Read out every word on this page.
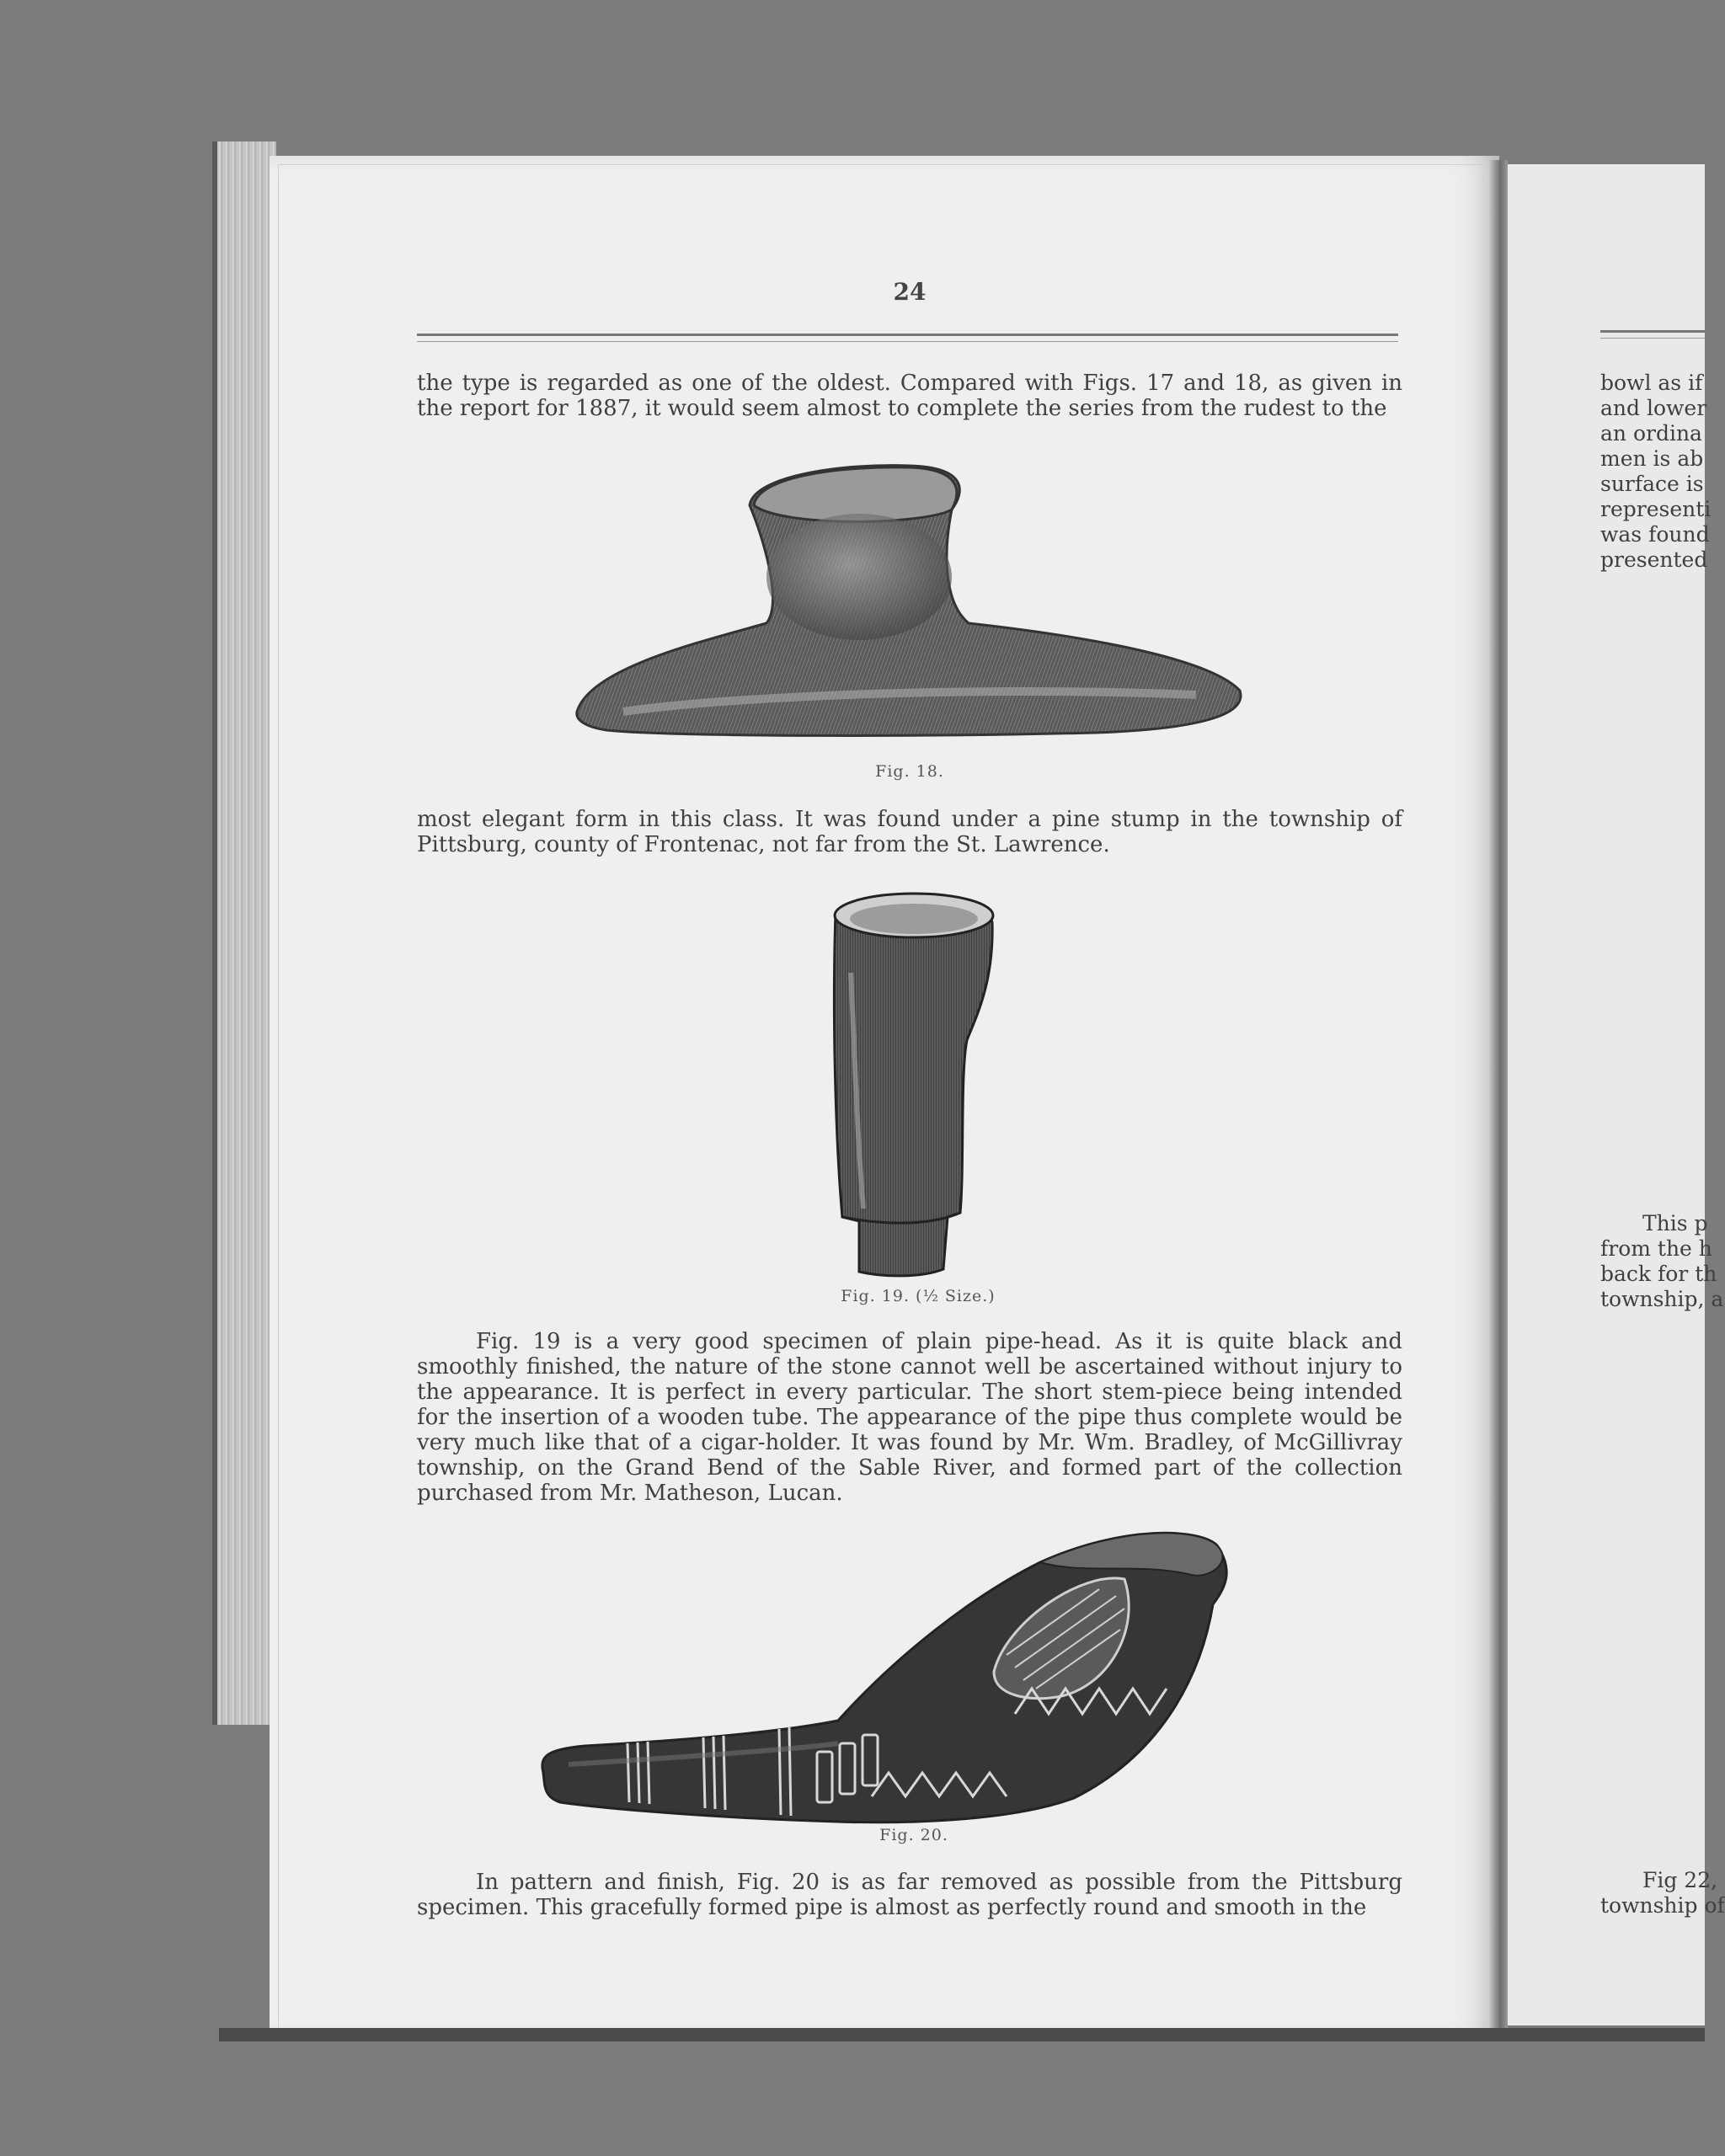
24
the type is regarded as one of the oldest. Compared with Figs. 17 and 18, as given in the report for 1887, it would seem almost to complete the series from the rudest to the
Fig. 18.
most elegant form in this class. It was found under a pine stump in the township of Pittsburg, county of Frontenac, not far from the St. Lawrence.
Fig. 19. (½ Size.)
Fig. 19 is a very good specimen of plain pipe-head. As it is quite black and smoothly finished, the nature of the stone cannot well be ascertained without injury to the appearance. It is perfect in every particular. The short stem-piece being intended for the insertion of a wooden tube. The appearance of the pipe thus complete would be very much like that of a cigar-holder. It was found by Mr. Wm. Bradley, of McGillivray township, on the Grand Bend of the Sable River, and formed part of the collection purchased from Mr. Matheson, Lucan.
Fig. 20.
In pattern and finish, Fig. 20 is as far removed as possible from the Pittsburg specimen. This gracefully formed pipe is almost as perfectly round and smooth in the
bowl as if
and lower
an ordina
men is ab
surface is
representi
was found
presented
This p
from the h
back for th
township, a
Fig 22,
township of
